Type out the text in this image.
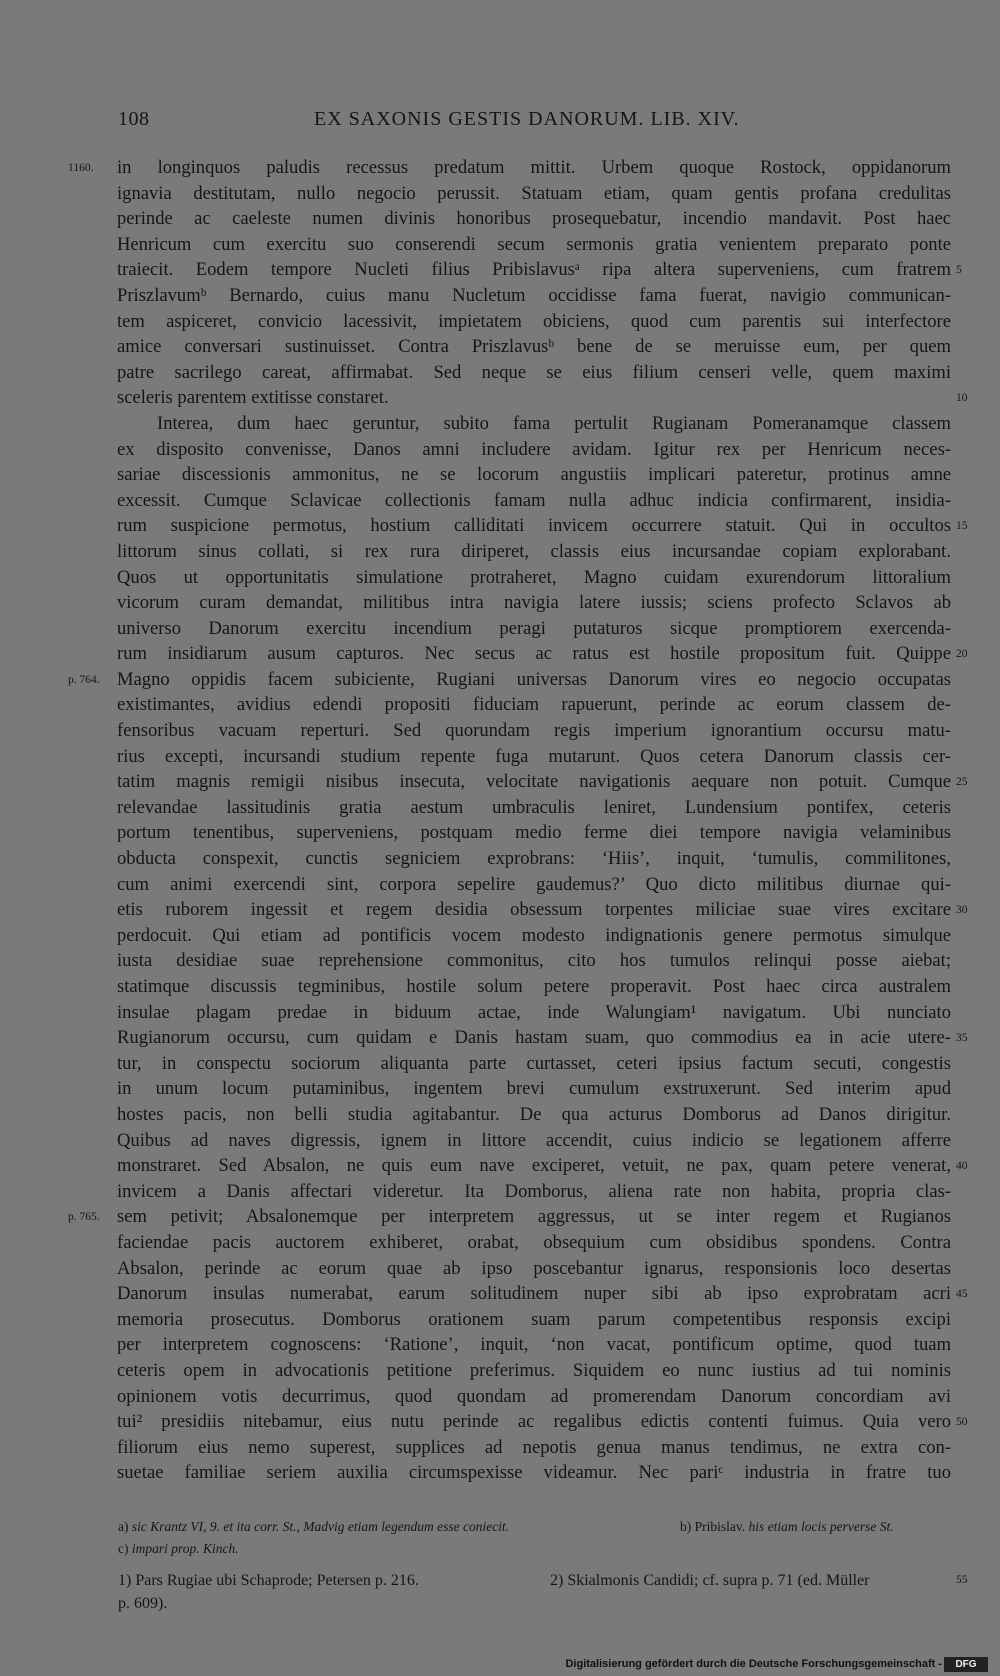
108	EX SAXONIS GESTIS DANORUM. LIB. XIV.
1160. in longinquos paludis recessus predatum mittit. Urbem quoque Rostock, oppidanorum
ignavia destitutam, nullo negocio perussit. Statuam etiam, quam gentis profana credulitas
perinde ac caeleste numen divinis honoribus prosequebatur, incendio mandavit. Post haec
Henricum cum exercitu suo conserendi secum sermonis gratia venientem preparato ponte
traiecit. Eodem tempore Nucleti filius Pribislavusᵃ ripa altera superveniens, cum fratrem 5
Priszlavumᵇ Bernardo, cuius manu Nucletum occidisse fama fuerat, navigio communican-
tem aspiceret, convicio lacessivit, impietatem obiciens, quod cum parentis sui interfectore
amice conversari sustinuisset. Contra Priszlavusᵇ bene de se meruisse eum, per quem
patre sacrilego careat, affirmabat. Sed neque se eius filium censeri velle, quem maximi
sceleris parentem extitisse constaret.	10
Interea, dum haec geruntur, subito fama pertulit Rugianam Pomeranamque classem
ex disposito convenisse, Danos amni includere avidam. Igitur rex per Henricum neces-
sariae discessionis ammonitus, ne se locorum angustiis implicari pateretur, protinus amne
excessit. Cumque Sclavicae collectionis famam nulla adhuc indicia confirmarent, insidia-
rum suspicione permotus, hostium calliditati invicem occurrere statuit. Qui in occultos 15
littorum sinus collati, si rex rura diriperet, classis eius incursandae copiam explorabant.
Quos ut opportunitatis simulatione protraheret, Magno cuidam exurendorum littoralium
vicorum curam demandat, militibus intra navigia latere iussis; sciens profecto Sclavos ab
universo Danorum exercitu incendium peragi putaturos sicque promptiorem exercenda-
rum insidiarum ausum capturos. Nec secus ac ratus est hostile propositum fuit. Quippe 20
p. 764. Magno oppidis facem subiciente, Rugiani universas Danorum vires eo negocio occupatas
existimantes, avidius edendi propositi fiduciam rapuerunt, perinde ac eorum classem de-
fensoribus vacuam reperturi. Sed quorundam regis imperium ignorantium occursu matu-
rius excepti, incursandi studium repente fuga mutarunt. Quos cetera Danorum classis cer-
tatim magnis remigii nisibus insecuta, velocitate navigationis aequare non potuit. Cumque 25
relevandae lassitudinis gratia aestum umbraculis leniret, Lundensium pontifex, ceteris
portum tenentibus, superveniens, postquam medio ferme diei tempore navigia velaminibus
obducta conspexit, cunctis segniciem exprobrans: ‘Hiis’, inquit, ‘tumulis, commilitones,
cum animi exercendi sint, corpora sepelire gaudemus?’ Quo dicto militibus diurnae qui-
etis ruborem ingessit et regem desidia obsessum torpentes miliciae suae vires excitare 30
perdocuit. Qui etiam ad pontificis vocem modesto indignationis genere permotus simulque
iusta desidiae suae reprehensione commonitus, cito hos tumulos relinqui posse aiebat;
statimque discussis tegminibus, hostile solum petere properavit. Post haec circa australem
insulae plagam predae in biduum actae, inde Walungiam¹ navigatum. Ubi nunciato
Rugianorum occursu, cum quidam e Danis hastam suam, quo commodius ea in acie utere- 35
tur, in conspectu sociorum aliquanta parte curtasset, ceteri ipsius factum secuti, congestis
in unum locum putaminibus, ingentem brevi cumulum exstruxerunt. Sed interim apud
hostes pacis, non belli studia agitabantur. De qua acturus Domborus ad Danos dirigitur.
Quibus ad naves digressis, ignem in littore accendit, cuius indicio se legationem afferre
monstraret. Sed Absalon, ne quis eum nave exciperet, vetuit, ne pax, quam petere venerat, 40
invicem a Danis affectari videretur. Ita Domborus, aliena rate non habita, propria clas-
p. 765. sem petivit; Absalonemque per interpretem aggressus, ut se inter regem et Rugianos
faciendae pacis auctorem exhiberet, orabat, obsequium cum obsidibus spondens. Contra
Absalon, perinde ac eorum quae ab ipso poscebantur ignarus, responsionis loco desertas
Danorum insulas numerabat, earum solitudinem nuper sibi ab ipso exprobratam acri 45
memoria prosecutus. Domborus orationem suam parum competentibus responsis excipi
per interpretem cognoscens: ‘Ratione’, inquit, ‘non vacat, pontificum optime, quod tuam
ceteris opem in advocationis petitione preferimus. Siquidem eo nunc iustius ad tui nominis
opinionem votis decurrimus, quod quondam ad promerendam Danorum concordiam avi
tui² presidiis nitebamur, eius nutu perinde ac regalibus edictis contenti fuimus. Quia vero 50
filiorum eius nemo superest, supplices ad nepotis genua manus tendimus, ne extra con-
suetae familiae seriem auxilia circumspexisse videamur. Nec pariᶜ industria in fratre tuo
a) sic Krantz VI, 9. et ita corr. St., Madvig etiam legendum esse coniecit.	b) Pribislav. his etiam locis perverse St.
c) impari prop. Kinch.
1) Pars Rugiae ubi Schaprode; Petersen p. 216.	2) Skialmonis Candidi; cf. supra p. 71 (ed. Müller	55
p. 609).
Digitalisierung gefördert durch die Deutsche Forschungsgemeinschaft -	DFG
